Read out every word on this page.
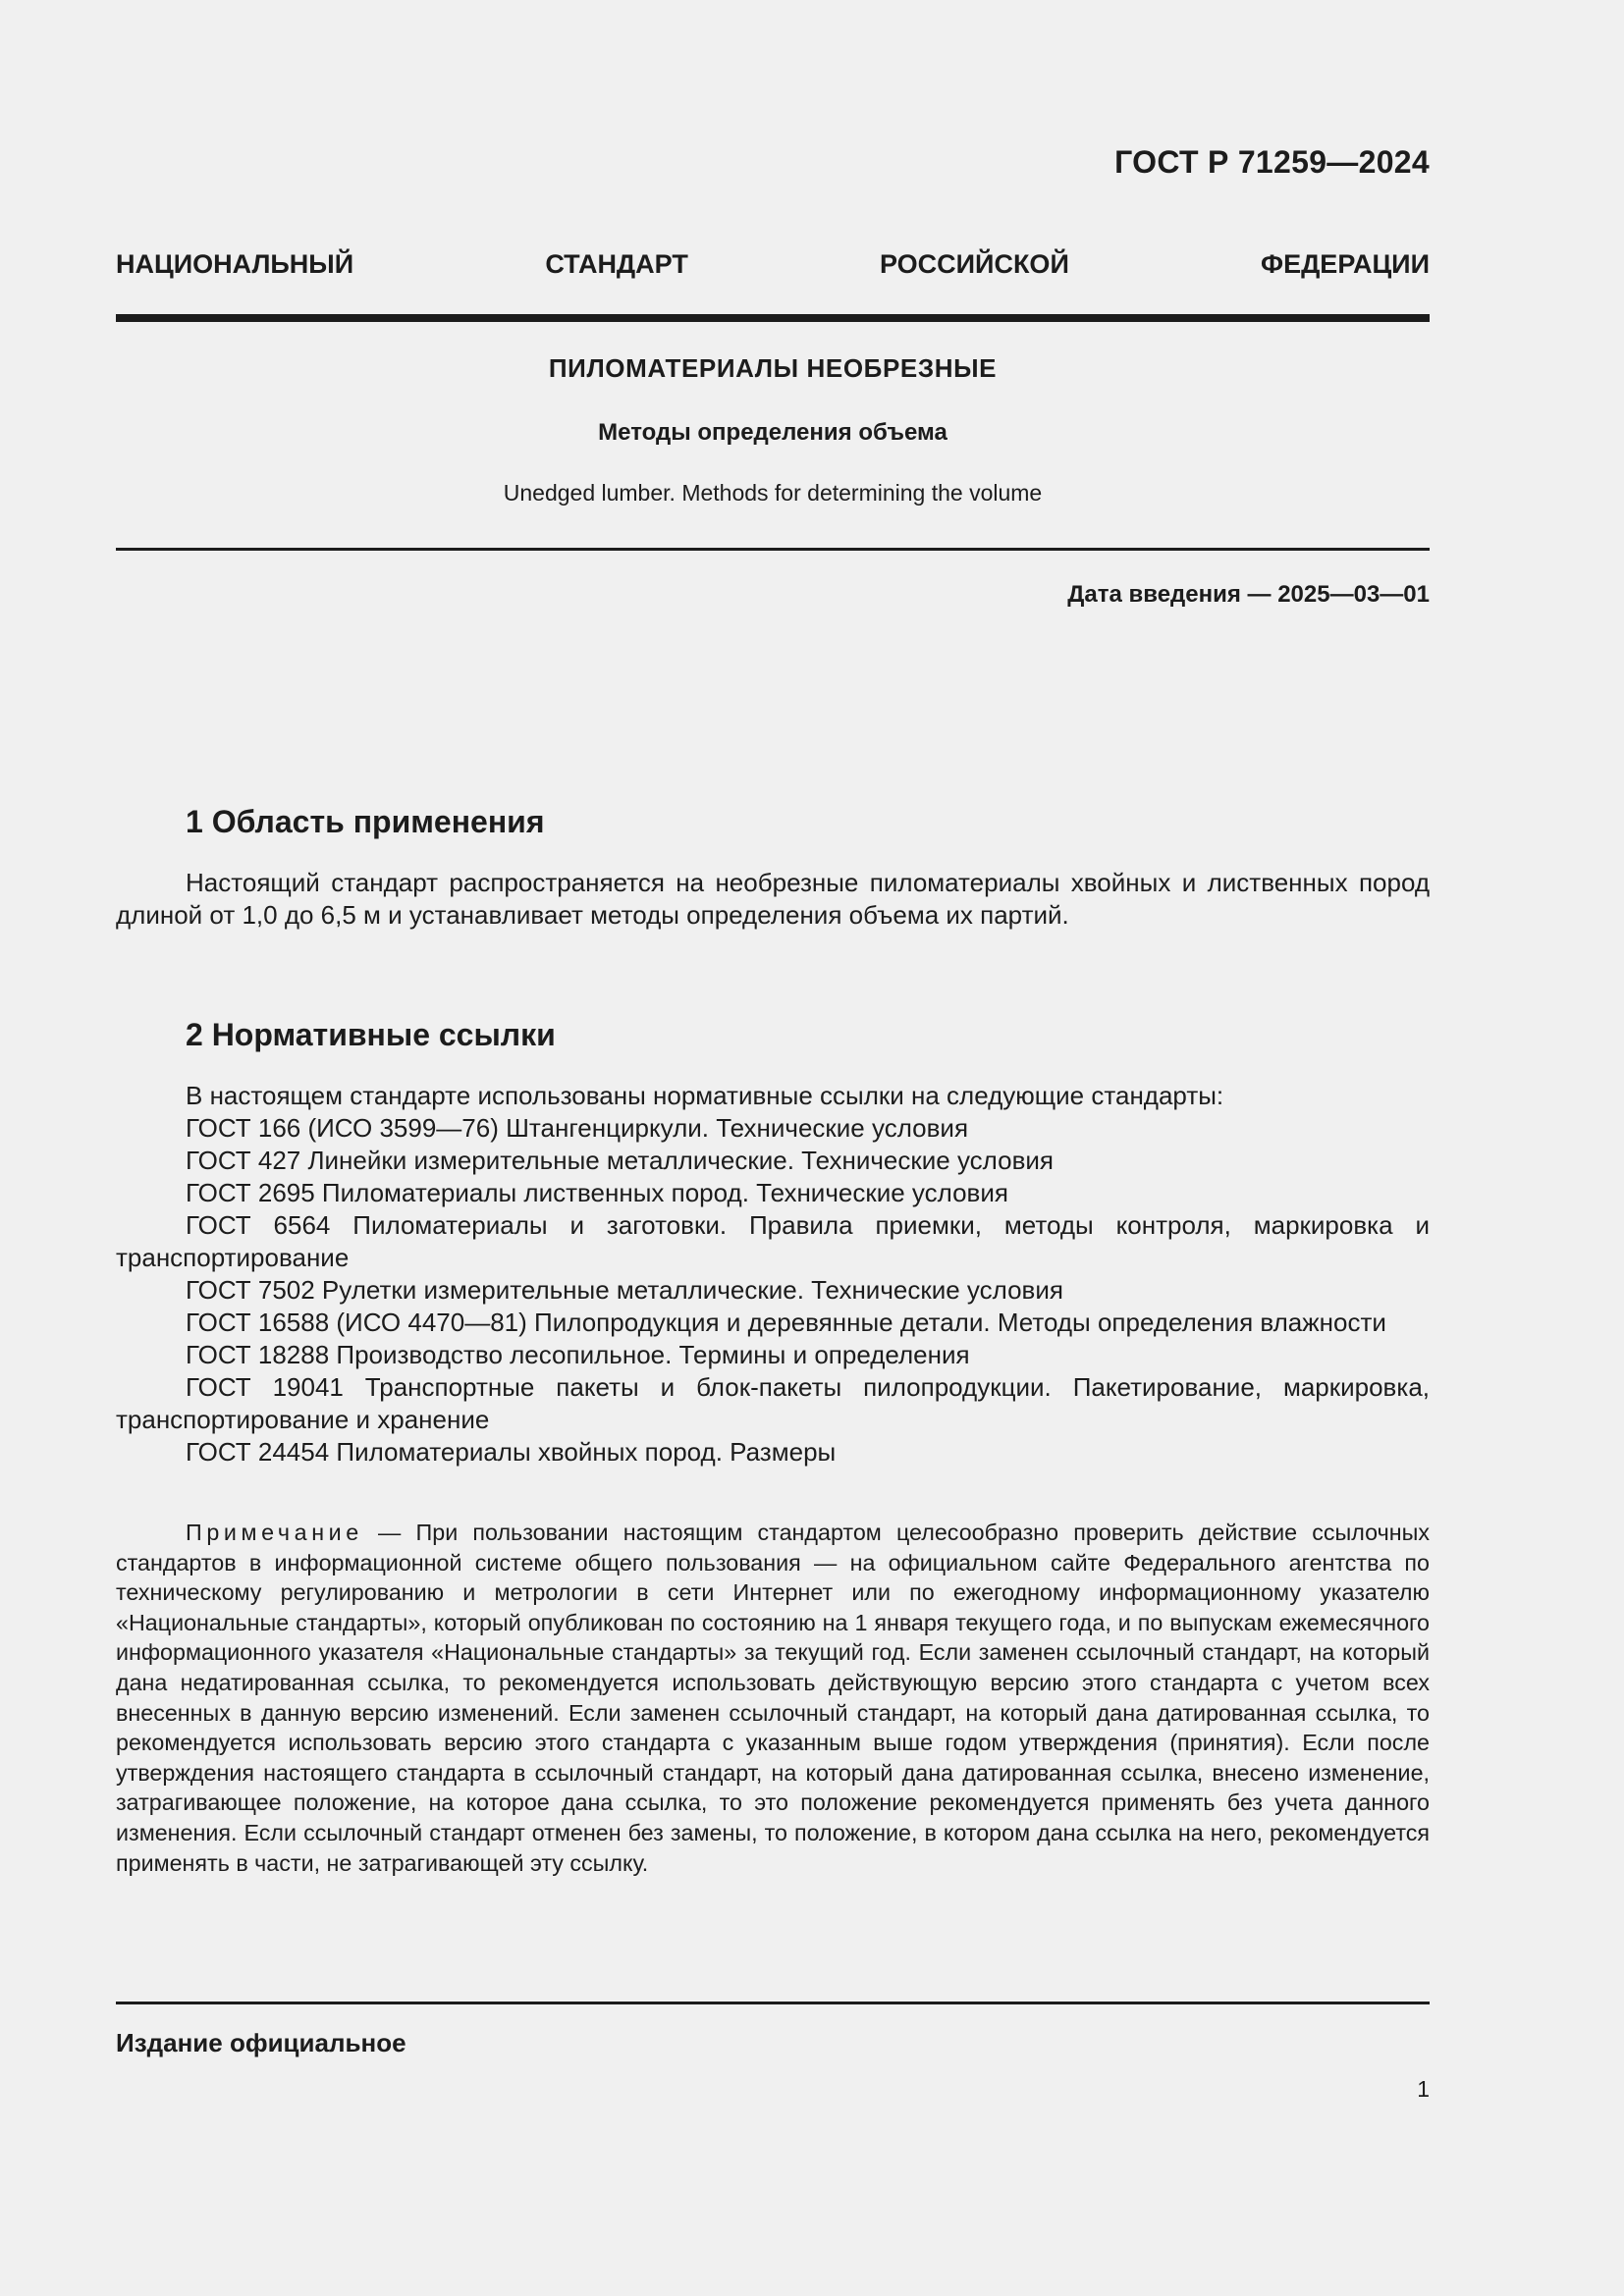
ГОСТ Р 71259—2024
НАЦИОНАЛЬНЫЙ СТАНДАРТ РОССИЙСКОЙ ФЕДЕРАЦИИ
ПИЛОМАТЕРИАЛЫ НЕОБРЕЗНЫЕ
Методы определения объема
Unedged lumber. Methods for determining the volume
Дата введения — 2025—03—01
1 Область применения

Настоящий стандарт распространяется на необрезные пиломатериалы хвойных и лиственных пород длиной от 1,0 до 6,5 м и устанавливает методы определения объема их партий.

2 Нормативные ссылки

В настоящем стандарте использованы нормативные ссылки на следующие стандарты:

ГОСТ 166 (ИСО 3599—76) Штангенциркули. Технические условия

ГОСТ 427 Линейки измерительные металлические. Технические условия

ГОСТ 2695 Пиломатериалы лиственных пород. Технические условия

ГОСТ 6564 Пиломатериалы и заготовки. Правила приемки, методы контроля, маркировка и транспортирование

ГОСТ 7502 Рулетки измерительные металлические. Технические условия

ГОСТ 16588 (ИСО 4470—81) Пилопродукция и деревянные детали. Методы определения влажности

ГОСТ 18288 Производство лесопильное. Термины и определения

ГОСТ 19041 Транспортные пакеты и блок-пакеты пилопродукции. Пакетирование, маркировка, транспортирование и хранение

ГОСТ 24454 Пиломатериалы хвойных пород. Размеры

Примечание — При пользовании настоящим стандартом целесообразно проверить действие ссылочных стандартов в информационной системе общего пользования — на официальном сайте Федерального агентства по техническому регулированию и метрологии в сети Интернет или по ежегодному информационному указателю «Национальные стандарты», который опубликован по состоянию на 1 января текущего года, и по выпускам ежемесячного информационного указателя «Национальные стандарты» за текущий год. Если заменен ссылочный стандарт, на который дана недатированная ссылка, то рекомендуется использовать действующую версию этого стандарта с учетом всех внесенных в данную версию изменений. Если заменен ссылочный стандарт, на который дана датированная ссылка, то рекомендуется использовать версию этого стандарта с указанным выше годом утверждения (принятия). Если после утверждения настоящего стандарта в ссылочный стандарт, на который дана датированная ссылка, внесено изменение, затрагивающее положение, на которое дана ссылка, то это положение рекомендуется применять без учета данного изменения. Если ссылочный стандарт отменен без замены, то положение, в котором дана ссылка на него, рекомендуется применять в части, не затрагивающей эту ссылку.
Издание официальное
1
